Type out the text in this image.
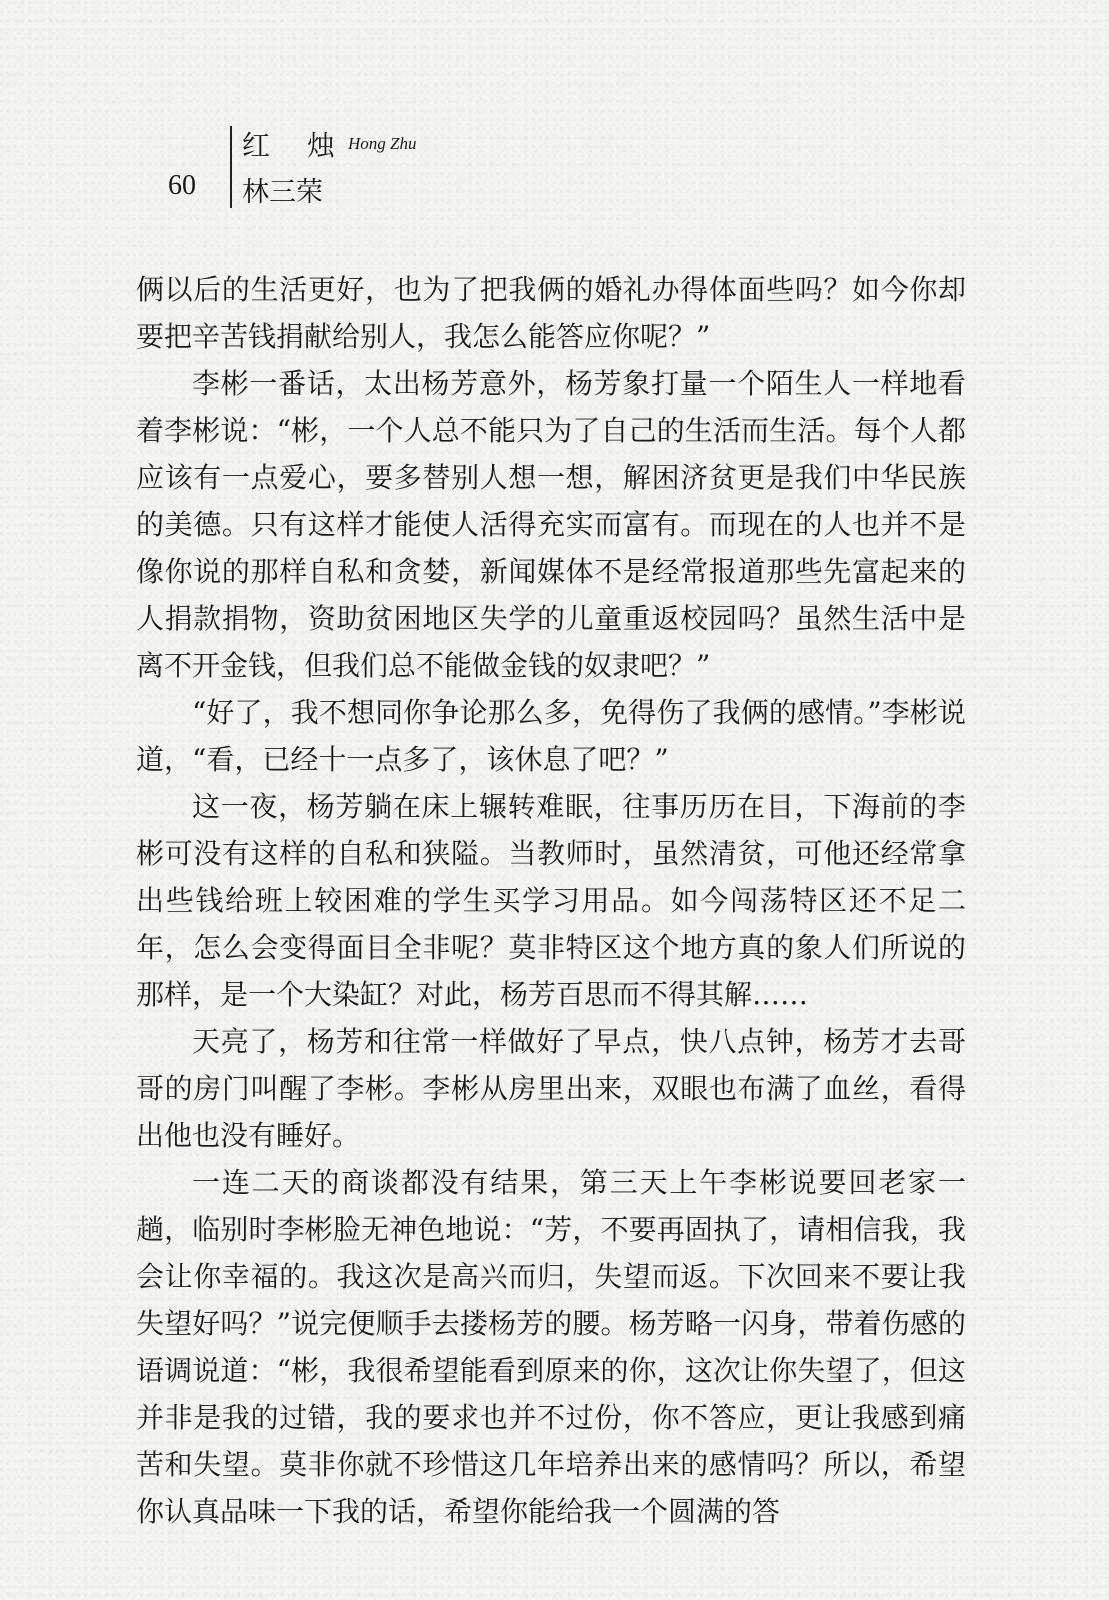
60
红 烛 Hong Zhu
林三荣

俩以后的生活更好，也为了把我俩的婚礼办得体面些吗？如今你却要把辛苦钱捐献给别人，我怎么能答应你呢？”

李彬一番话，太出杨芳意外，杨芳象打量一个陌生人一样地看着李彬说：“彬，一个人总不能只为了自己的生活而生活。每个人都应该有一点爱心，要多替别人想一想，解困济贫更是我们中华民族的美德。只有这样才能使人活得充实而富有。而现在的人也并不是像你说的那样自私和贪婪，新闻媒体不是经常报道那些先富起来的人捐款捐物，资助贫困地区失学的儿童重返校园吗？虽然生活中是离不开金钱，但我们总不能做金钱的奴隶吧？”

“好了，我不想同你争论那么多，免得伤了我俩的感情。”李彬说道，“看，已经十一点多了，该休息了吧？”

这一夜，杨芳躺在床上辗转难眠，往事历历在目，下海前的李彬可没有这样的自私和狭隘。当教师时，虽然清贫，可他还经常拿出些钱给班上较困难的学生买学习用品。如今闯荡特区还不足二年，怎么会变得面目全非呢？莫非特区这个地方真的象人们所说的那样，是一个大染缸？对此，杨芳百思而不得其解……

天亮了，杨芳和往常一样做好了早点，快八点钟，杨芳才去哥哥的房门叫醒了李彬。李彬从房里出来，双眼也布满了血丝，看得出他也没有睡好。

一连二天的商谈都没有结果，第三天上午李彬说要回老家一趟，临别时李彬脸无神色地说：“芳，不要再固执了，请相信我，我会让你幸福的。我这次是高兴而归，失望而返。下次回来不要让我失望好吗？”说完便顺手去搂杨芳的腰。杨芳略一闪身，带着伤感的语调说道：“彬，我很希望能看到原来的你，这次让你失望了，但这并非是我的过错，我的要求也并不过份，你不答应，更让我感到痛苦和失望。莫非你就不珍惜这几年培养出来的感情吗？所以，希望你认真品味一下我的话，希望你能给我一个圆满的答
